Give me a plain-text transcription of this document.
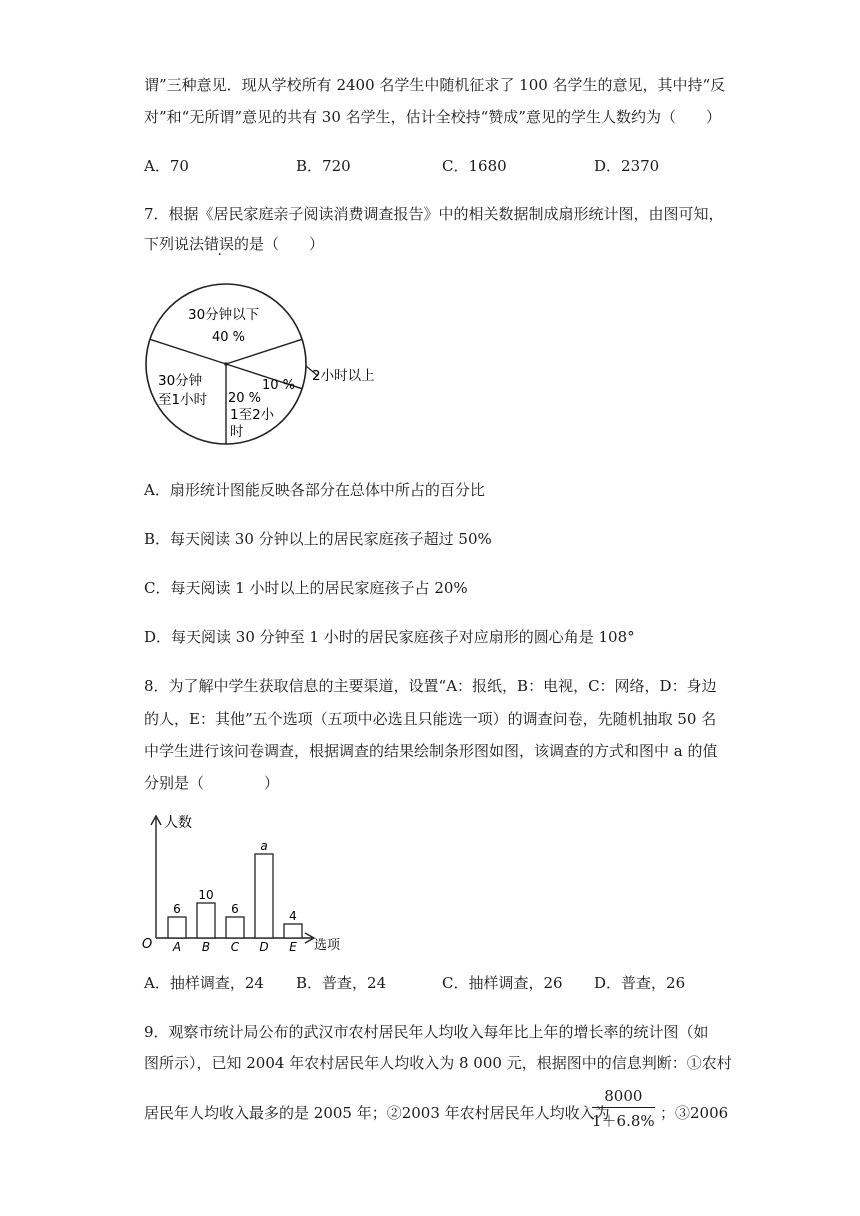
谓”三种意见．现从学校所有 2400 名学生中随机征求了 100 名学生的意见，其中持“反
对”和“无所谓”意见的共有 30 名学生，估计全校持“赞成”意见的学生人数约为（　　）
A．70	B．720	C．1680	D．2370
7．根据《居民家庭亲子阅读消费调查报告》中的相关数据制成扇形统计图，由图可知，
下列说法错误的是（　　）
30分钟以下
40 %
2小时以上
10 %
20 %
1至2小
时
30分钟
至1小时
A．扇形统计图能反映各部分在总体中所占的百分比
B．每天阅读 30 分钟以上的居民家庭孩子超过 50%
C．每天阅读 1 小时以上的居民家庭孩子占 20%
D．每天阅读 30 分钟至 1 小时的居民家庭孩子对应扇形的圆心角是 108°
8．为了解中学生获取信息的主要渠道，设置“A：报纸，B：电视，C：网络，D：身边
的人，E：其他”五个选项（五项中必选且只能选一项）的调查问卷，先随机抽取 50 名
中学生进行该问卷调查，根据调查的结果绘制条形图如图，该调查的方式和图中 a 的值
分别是（　　　　）
人数
选项
O
6
A
10
B
6
C
a
D
4
E
A．抽样调查，24 B．普查，24	C．抽样调查，26 D．普查，26
9．观察市统计局公布的武汉市农村居民年人均收入每年比上年的增长率的统计图（如
图所示），已知 2004 年农村居民年人均收入为 8 000 元，根据图中的信息判断：①农村
居民年人均收入最多的是 2005 年；②2003 年农村居民年人均收入为
8000
1＋6.8% ；③2006
